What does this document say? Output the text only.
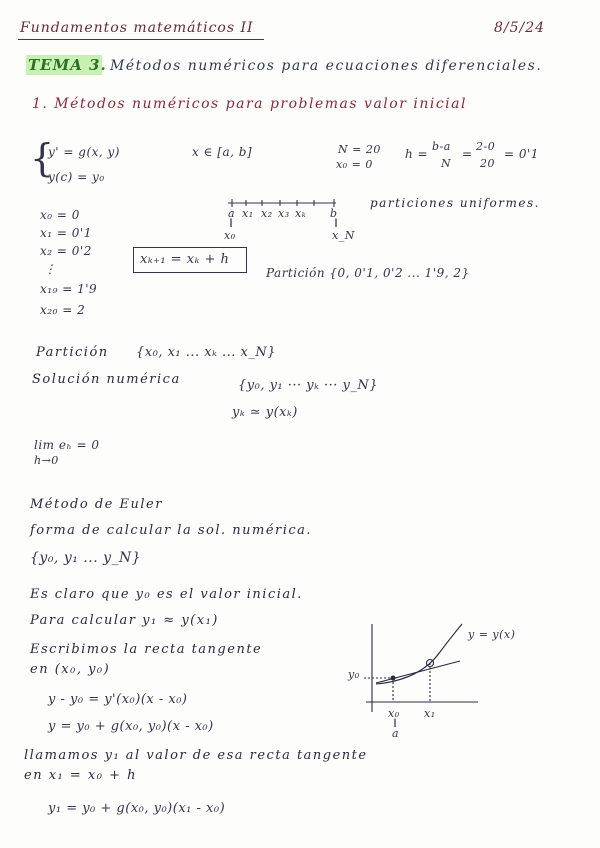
Fundamentos matemáticos II	8/5/24
TEMA 3. Métodos numéricos para ecuaciones diferenciales.
1. Métodos numéricos para problemas valor inicial
{
y' = g(x, y)
y(c) = y₀
x ∈ [a, b]	N = 20
x₀ = 0
h =
b-a
N
=
2-0
20
= 0'1
a x₁ x₂ x₃ xₖ b
‖
x₀
‖
x_N
particiones uniformes.
x₀ = 0
x₁ = 0'1
x₂ = 0'2
⋮
x₁₉ = 1'9
x₂₀ = 2
xₖ₊₁ = xₖ + h
Partición {0, 0'1, 0'2 ... 1'9, 2}
Partición {x₀, x₁ ... xₖ ... x_N}
Solución numérica	{y₀, y₁ ··· yₖ ··· y_N}
yₖ ≃ y(xₖ)
lim eₕ = 0
h→0
Método de Euler
forma de calcular la sol. numérica.
{y₀, y₁ ... y_N}
Es claro que y₀ es el valor inicial.
Para calcular y₁ ≈ y(x₁)
Escribimos la recta tangente
en (x₀, y₀)
y - y₀ = y'(x₀)(x - x₀)
y = y₀ + g(x₀, y₀)(x - x₀)
llamamos y₁ al valor de esa recta tangente
en x₁ = x₀ + h
y₁ = y₀ + g(x₀, y₀)(x₁ - x₀)
y = y(x)
y₀
x₀ x₁
‖
a
